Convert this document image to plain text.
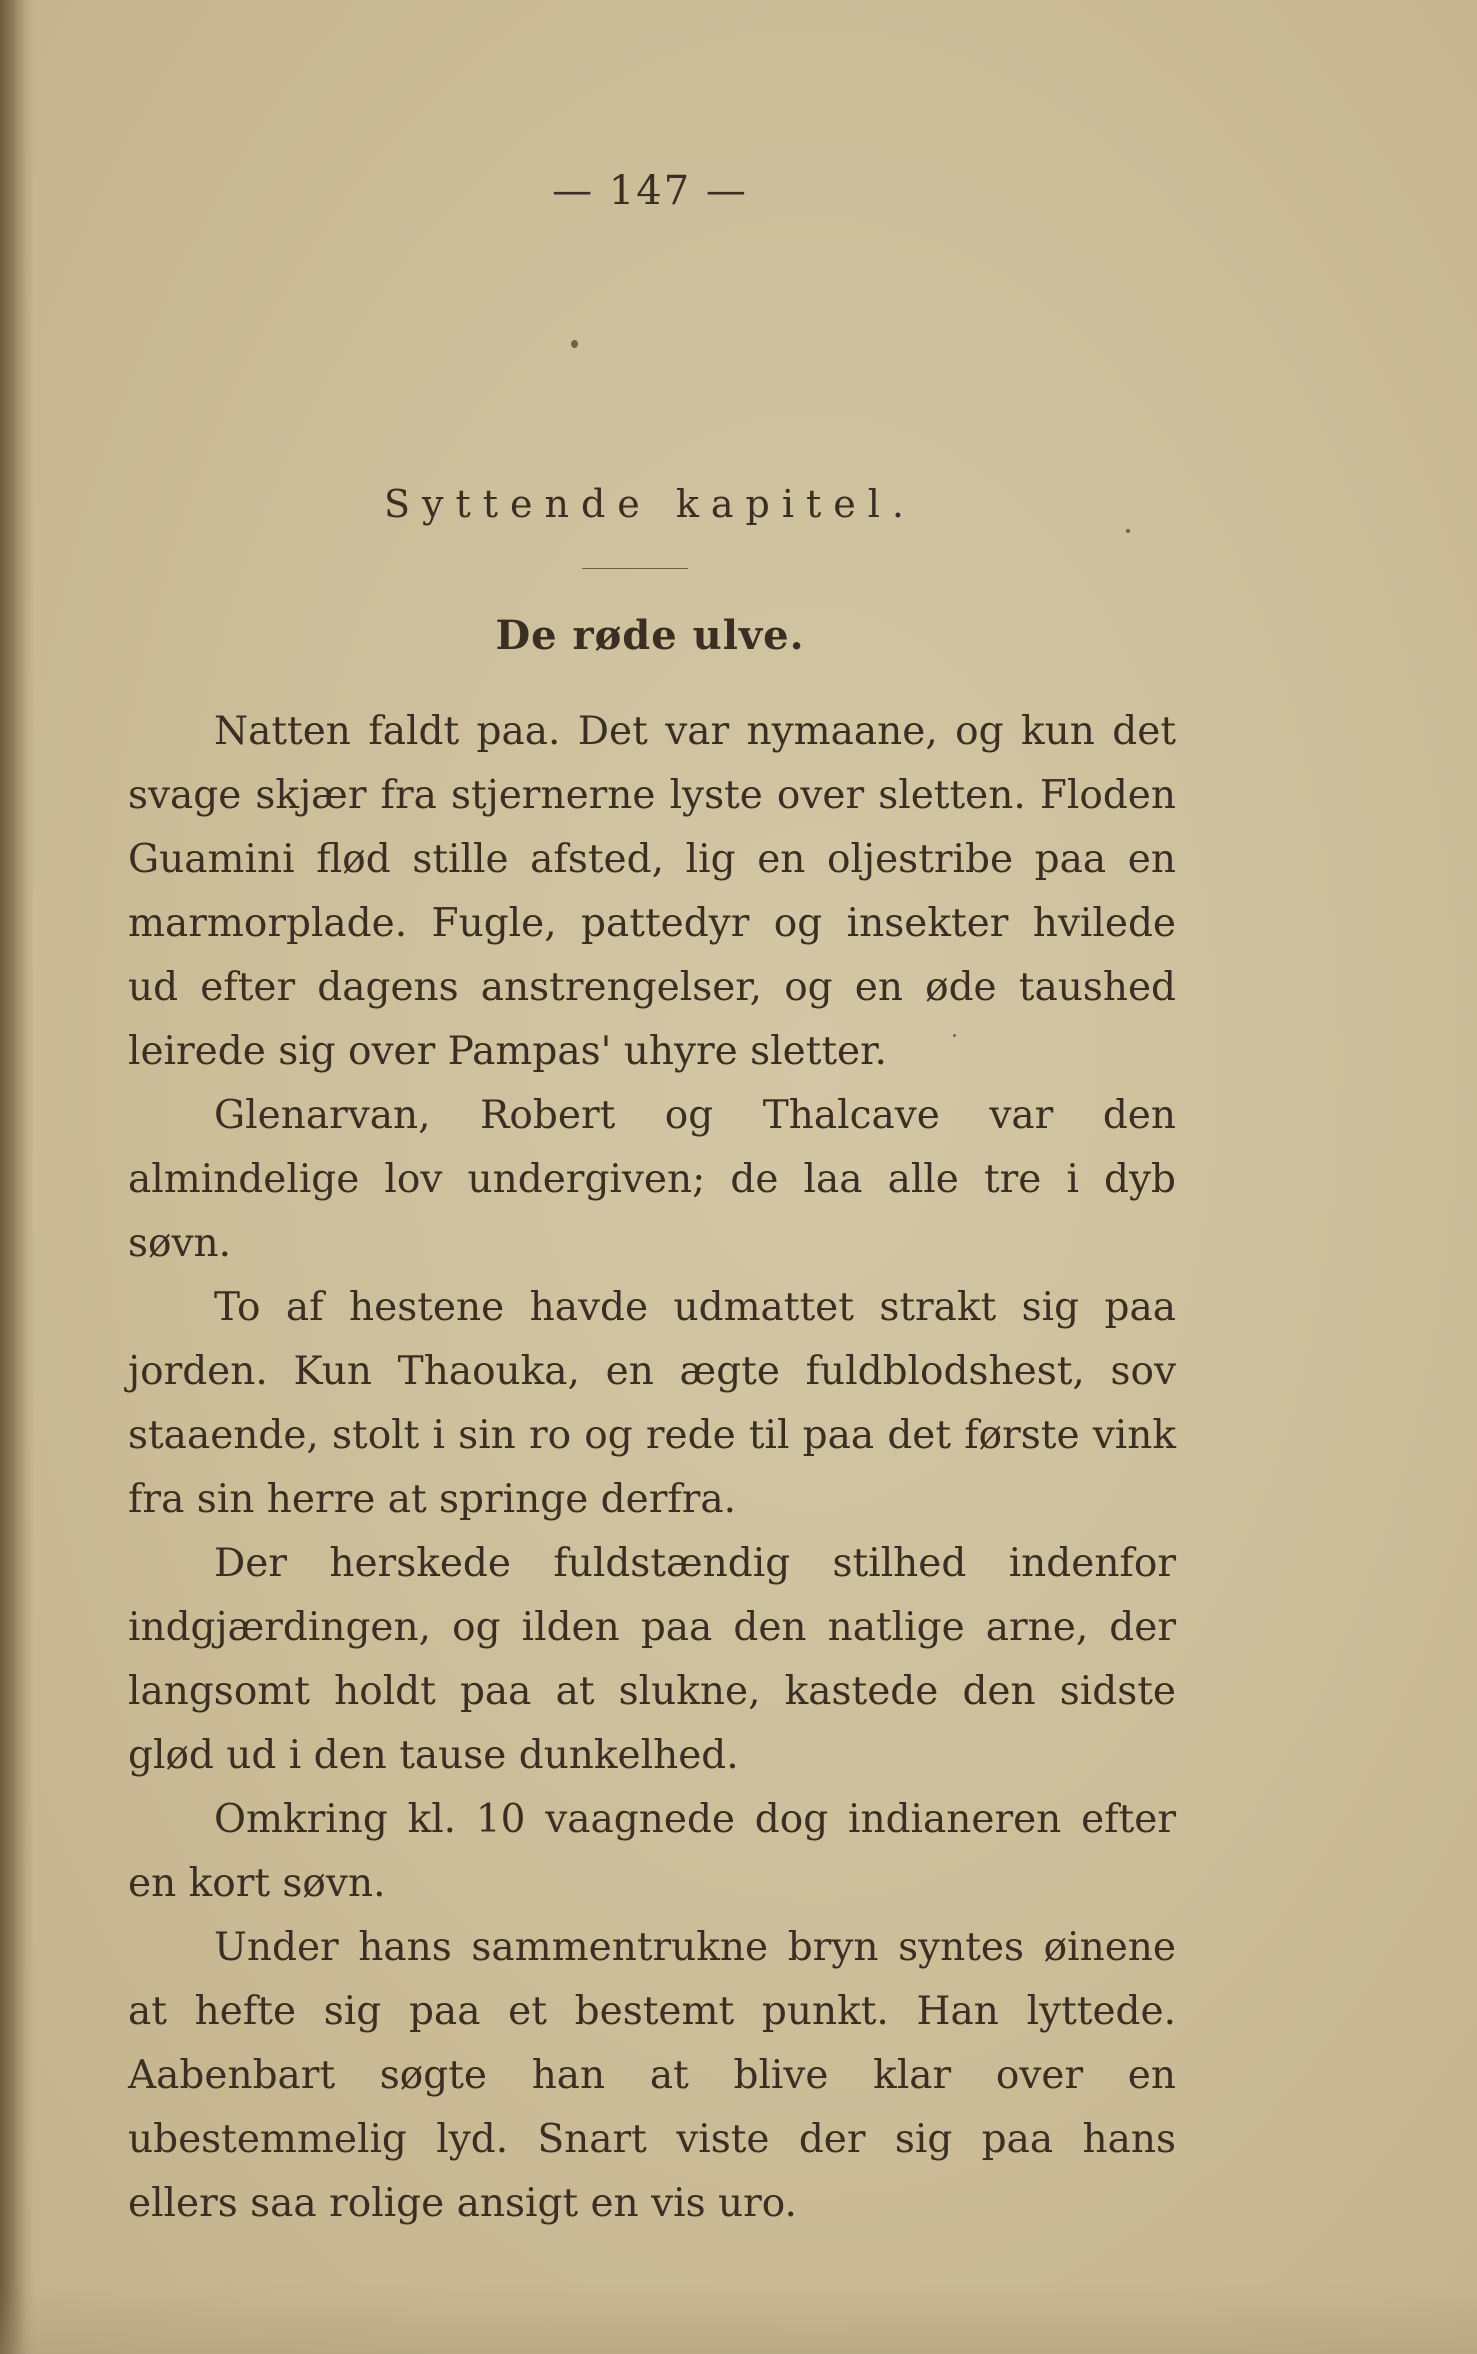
— 147 —
Syttende kapitel.
De røde ulve.

Natten faldt paa. Det var nymaane, og kun det svage skjær fra stjernerne lyste over sletten. Floden Guamini flød stille afsted, lig en oljestribe paa en marmorplade. Fugle, pattedyr og insekter hvilede ud efter dagens anstrengelser, og en øde taushed leirede sig over Pampas' uhyre sletter.

Glenarvan, Robert og Thalcave var den almindelige lov undergiven; de laa alle tre i dyb søvn.

To af hestene havde udmattet strakt sig paa jorden. Kun Thaouka, en ægte fuldblodshest, sov staaende, stolt i sin ro og rede til paa det første vink fra sin herre at springe derfra.

Der herskede fuldstændig stilhed indenfor indgjærdingen, og ilden paa den natlige arne, der langsomt holdt paa at slukne, kastede den sidste glød ud i den tause dunkelhed.

Omkring kl. 10 vaagnede dog indianeren efter en kort søvn.

Under hans sammentrukne bryn syntes øinene at hefte sig paa et bestemt punkt. Han lyttede. Aabenbart søgte han at blive klar over en ubestemmelig lyd. Snart viste der sig paa hans ellers saa rolige ansigt en vis uro.
